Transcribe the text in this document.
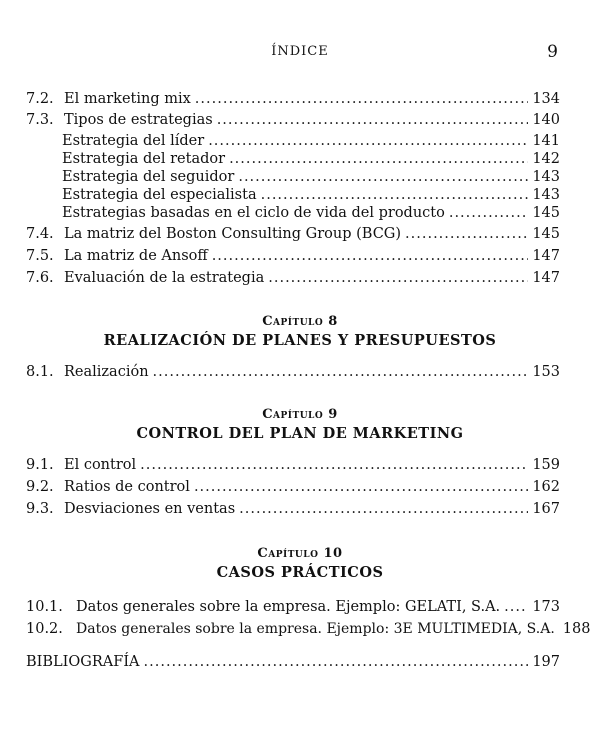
ÍNDICE	9
7.2. El marketing mix .....	134
7.3. Tipos de estrategias .....	140
Estrategia del líder .....	141
Estrategia del retador .....	142
Estrategia del seguidor .....	143
Estrategia del especialista .....	143
Estrategias basadas en el ciclo de vida del producto .....	145
7.4. La matriz del Boston Consulting Group (BCG) .....	145
7.5. La matriz de Ansoff .....	147
7.6. Evaluación de la estrategia .....	147
Capítulo 8
REALIZACIÓN DE PLANES Y PRESUPUESTOS
8.1. Realización .....	153
Capítulo 9
CONTROL DEL PLAN DE MARKETING
9.1. El control .....	159
9.2. Ratios de control .....	162
9.3. Desviaciones en ventas .....	167
Capítulo 10
CASOS PRÁCTICOS
10.1. Datos generales sobre la empresa. Ejemplo: GELATI, S.A. ..... 173
10.2. Datos generales sobre la empresa. Ejemplo: 3E MULTIMEDIA, S.A. 188
BIBLIOGRAFÍA .....	197
